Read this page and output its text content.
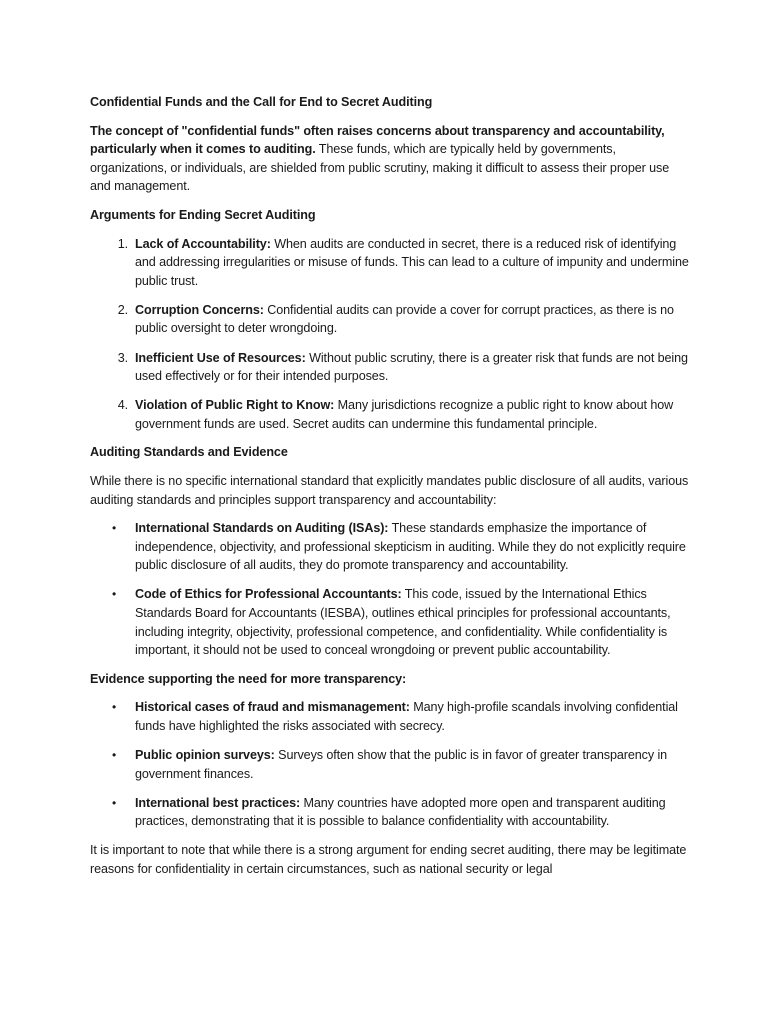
Confidential Funds and the Call for End to Secret Auditing

The concept of "confidential funds" often raises concerns about transparency and accountability, particularly when it comes to auditing. These funds, which are typically held by governments, organizations, or individuals, are shielded from public scrutiny, making it difficult to assess their proper use and management.

Arguments for Ending Secret Auditing

1. Lack of Accountability: When audits are conducted in secret, there is a reduced risk of identifying and addressing irregularities or misuse of funds. This can lead to a culture of impunity and undermine public trust.
2. Corruption Concerns: Confidential audits can provide a cover for corrupt practices, as there is no public oversight to deter wrongdoing.
3. Inefficient Use of Resources: Without public scrutiny, there is a greater risk that funds are not being used effectively or for their intended purposes.
4. Violation of Public Right to Know: Many jurisdictions recognize a public right to know about how government funds are used. Secret audits can undermine this fundamental principle.

Auditing Standards and Evidence

While there is no specific international standard that explicitly mandates public disclosure of all audits, various auditing standards and principles support transparency and accountability:

• International Standards on Auditing (ISAs): These standards emphasize the importance of independence, objectivity, and professional skepticism in auditing. While they do not explicitly require public disclosure of all audits, they do promote transparency and accountability.
• Code of Ethics for Professional Accountants: This code, issued by the International Ethics Standards Board for Accountants (IESBA), outlines ethical principles for professional accountants, including integrity, objectivity, professional competence, and confidentiality. While confidentiality is important, it should not be used to conceal wrongdoing or prevent public accountability.

Evidence supporting the need for more transparency:

• Historical cases of fraud and mismanagement: Many high-profile scandals involving confidential funds have highlighted the risks associated with secrecy.
• Public opinion surveys: Surveys often show that the public is in favor of greater transparency in government finances.
• International best practices: Many countries have adopted more open and transparent auditing practices, demonstrating that it is possible to balance confidentiality with accountability.

It is important to note that while there is a strong argument for ending secret auditing, there may be legitimate reasons for confidentiality in certain circumstances, such as national security or legal
